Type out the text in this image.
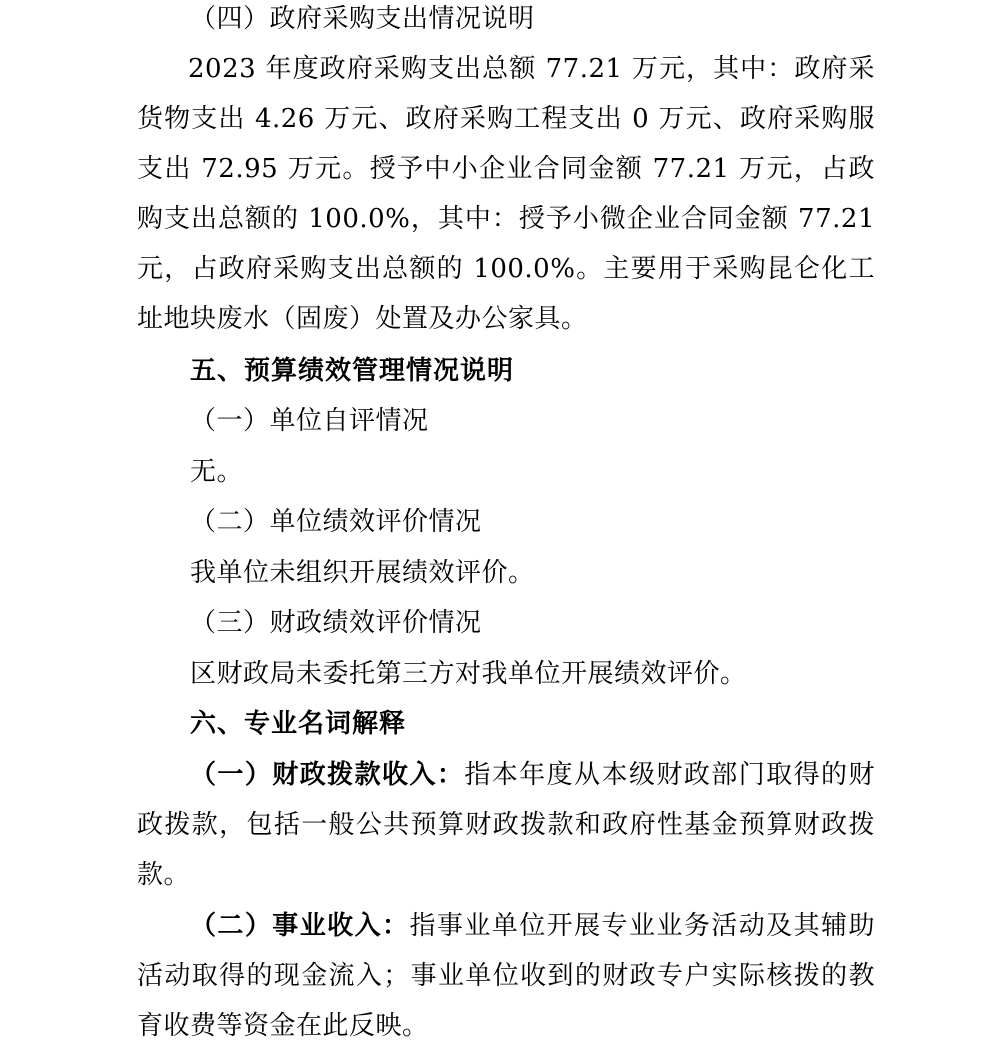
（四）政府采购支出情况说明
2023 年度政府采购支出总额 77.21 万元，其中：政府采
货物支出 4.26 万元、政府采购工程支出 0 万元、政府采购服
支出 72.95 万元。授予中小企业合同金额 77.21 万元，占政
购支出总额的 100.0%，其中：授予小微企业合同金额 77.21
元，占政府采购支出总额的 100.0%。主要用于采购昆仑化工
址地块废水（固废）处置及办公家具。
五、预算绩效管理情况说明
（一）单位自评情况
无。
（二）单位绩效评价情况
我单位未组织开展绩效评价。
（三）财政绩效评价情况
区财政局未委托第三方对我单位开展绩效评价。
六、专业名词解释
（一）财政拨款收入：指本年度从本级财政部门取得的财
政拨款，包括一般公共预算财政拨款和政府性基金预算财政拨
款。
（二）事业收入：指事业单位开展专业业务活动及其辅助
活动取得的现金流入；事业单位收到的财政专户实际核拨的教
育收费等资金在此反映。
